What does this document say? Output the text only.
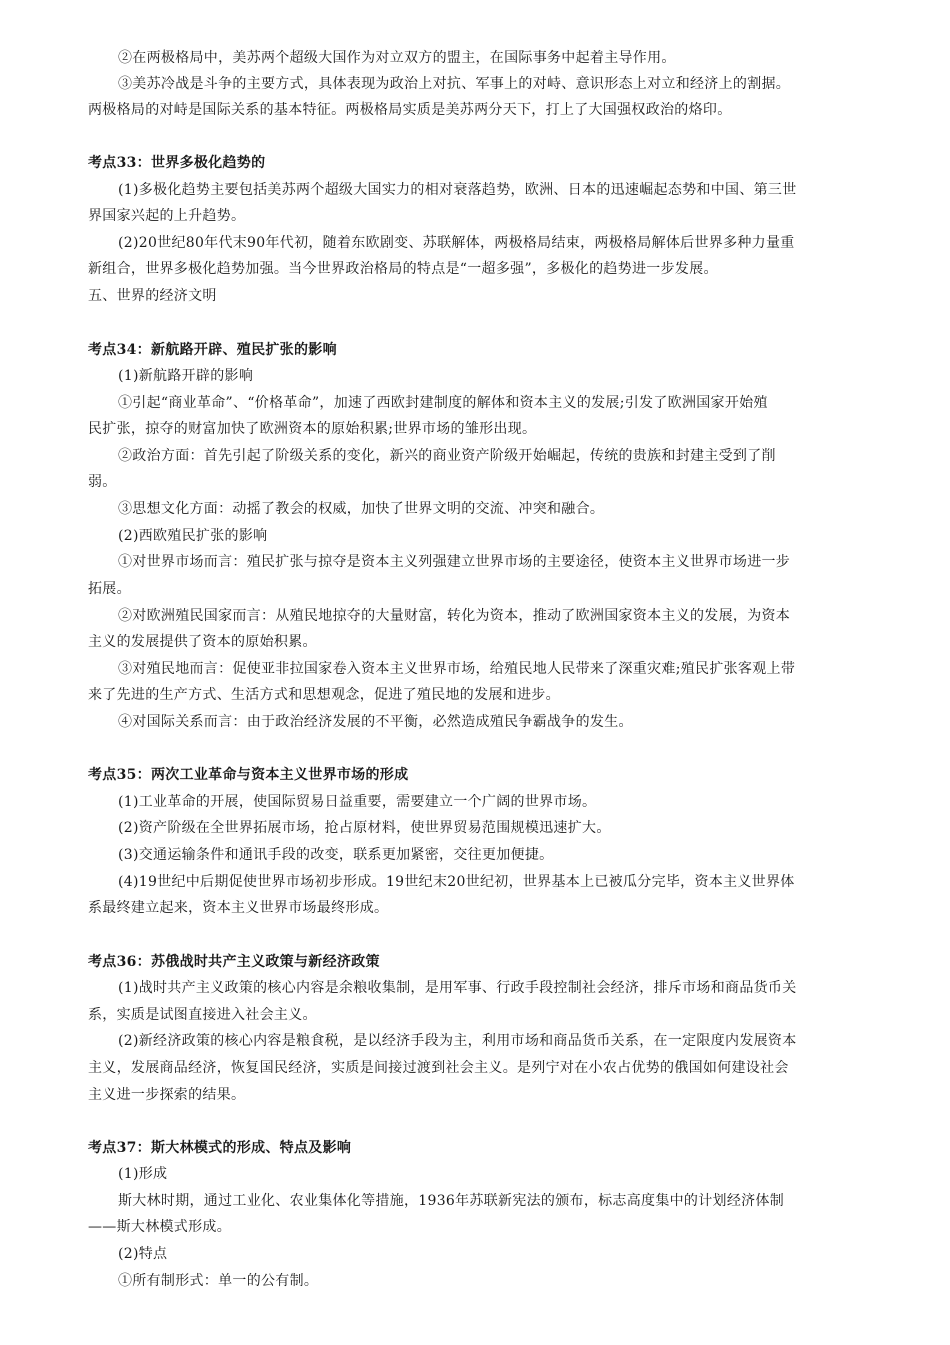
②在两极格局中，美苏两个超级大国作为对立双方的盟主，在国际事务中起着主导作用。
③美苏冷战是斗争的主要方式，具体表现为政治上对抗、军事上的对峙、意识形态上对立和经济上的割据。
两极格局的对峙是国际关系的基本特征。两极格局实质是美苏两分天下，打上了大国强权政治的烙印。
考点33：世界多极化趋势的
(1)多极化趋势主要包括美苏两个超级大国实力的相对衰落趋势，欧洲、日本的迅速崛起态势和中国、第三世
界国家兴起的上升趋势。
(2)20世纪80年代末90年代初，随着东欧剧变、苏联解体，两极格局结束，两极格局解体后世界多种力量重
新组合，世界多极化趋势加强。当今世界政治格局的特点是“一超多强”，多极化的趋势进一步发展。
五、世界的经济文明
考点34：新航路开辟、殖民扩张的影响
(1)新航路开辟的影响
①引起“商业革命”、“价格革命”，加速了西欧封建制度的解体和资本主义的发展;引发了欧洲国家开始殖
民扩张，掠夺的财富加快了欧洲资本的原始积累;世界市场的雏形出现。
②政治方面：首先引起了阶级关系的变化，新兴的商业资产阶级开始崛起，传统的贵族和封建主受到了削
弱。
③思想文化方面：动摇了教会的权威，加快了世界文明的交流、冲突和融合。
(2)西欧殖民扩张的影响
①对世界市场而言：殖民扩张与掠夺是资本主义列强建立世界市场的主要途径，使资本主义世界市场进一步
拓展。
②对欧洲殖民国家而言：从殖民地掠夺的大量财富，转化为资本，推动了欧洲国家资本主义的发展，为资本
主义的发展提供了资本的原始积累。
③对殖民地而言：促使亚非拉国家卷入资本主义世界市场，给殖民地人民带来了深重灾难;殖民扩张客观上带
来了先进的生产方式、生活方式和思想观念，促进了殖民地的发展和进步。
④对国际关系而言：由于政治经济发展的不平衡，必然造成殖民争霸战争的发生。
考点35：两次工业革命与资本主义世界市场的形成
(1)工业革命的开展，使国际贸易日益重要，需要建立一个广阔的世界市场。
(2)资产阶级在全世界拓展市场，抢占原材料，使世界贸易范围规模迅速扩大。
(3)交通运输条件和通讯手段的改变，联系更加紧密，交往更加便捷。
(4)19世纪中后期促使世界市场初步形成。19世纪末20世纪初，世界基本上已被瓜分完毕，资本主义世界体
系最终建立起来，资本主义世界市场最终形成。
考点36：苏俄战时共产主义政策与新经济政策
(1)战时共产主义政策的核心内容是余粮收集制，是用军事、行政手段控制社会经济，排斥市场和商品货币关
系，实质是试图直接进入社会主义。
(2)新经济政策的核心内容是粮食税，是以经济手段为主，利用市场和商品货币关系，在一定限度内发展资本
主义，发展商品经济，恢复国民经济，实质是间接过渡到社会主义。是列宁对在小农占优势的俄国如何建设社会
主义进一步探索的结果。
考点37：斯大林模式的形成、特点及影响
(1)形成
斯大林时期，通过工业化、农业集体化等措施，1936年苏联新宪法的颁布，标志高度集中的计划经济体制
——斯大林模式形成。
(2)特点
①所有制形式：单一的公有制。
